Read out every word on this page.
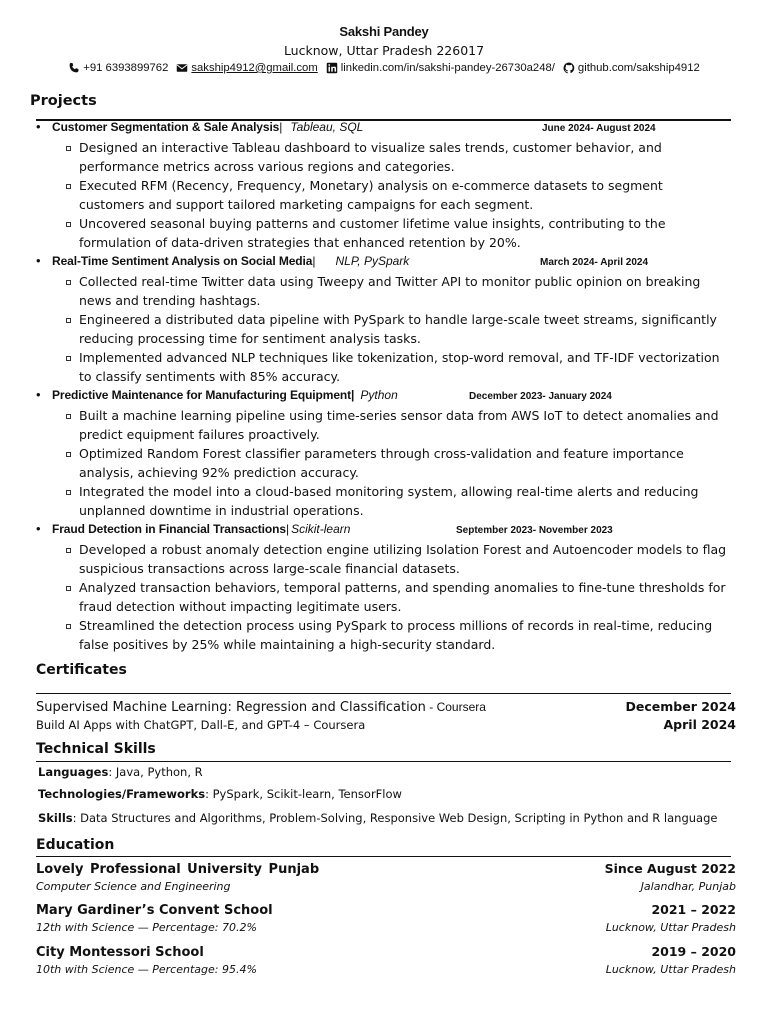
Sakshi Pandey
Lucknow, Uttar Pradesh 226017
+91 6393899762 sakship4912@gmail.com linkedin.com/in/sakshi-pandey-26730a248/ github.com/sakship4912
Projects
• Customer Segmentation & Sale Analysis | Tableau, SQL	June 2024- August 2024
Designed an interactive Tableau dashboard to visualize sales trends, customer behavior, and performance metrics across various regions and categories.
Executed RFM (Recency, Frequency, Monetary) analysis on e-commerce datasets to segment customers and support tailored marketing campaigns for each segment.
Uncovered seasonal buying patterns and customer lifetime value insights, contributing to the formulation of data-driven strategies that enhanced retention by 20%.
• Real-Time Sentiment Analysis on Social Media | NLP, PySpark	March 2024- April 2024
Collected real-time Twitter data using Tweepy and Twitter API to monitor public opinion on breaking news and trending hashtags.
Engineered a distributed data pipeline with PySpark to handle large-scale tweet streams, significantly reducing processing time for sentiment analysis tasks.
Implemented advanced NLP techniques like tokenization, stop-word removal, and TF-IDF vectorization to classify sentiments with 85% accuracy.
• Predictive Maintenance for Manufacturing Equipment | Python	December 2023- January 2024
Built a machine learning pipeline using time-series sensor data from AWS IoT to detect anomalies and predict equipment failures proactively.
Optimized Random Forest classifier parameters through cross-validation and feature importance analysis, achieving 92% prediction accuracy.
Integrated the model into a cloud-based monitoring system, allowing real-time alerts and reducing unplanned downtime in industrial operations.
• Fraud Detection in Financial Transactions | Scikit-learn	September 2023- November 2023
Developed a robust anomaly detection engine utilizing Isolation Forest and Autoencoder models to flag suspicious transactions across large-scale financial datasets.
Analyzed transaction behaviors, temporal patterns, and spending anomalies to fine-tune thresholds for fraud detection without impacting legitimate users.
Streamlined the detection process using PySpark to process millions of records in real-time, reducing false positives by 25% while maintaining a high-security standard.
Certificates
Supervised Machine Learning: Regression and Classification - Coursera	December 2024
Build AI Apps with ChatGPT, Dall-E, and GPT-4 – Coursera	April 2024
Technical Skills
Languages: Java, Python, R
Technologies/Frameworks: PySpark, Scikit-learn, TensorFlow
Skills: Data Structures and Algorithms, Problem-Solving, Responsive Web Design, Scripting in Python and R language
Education
Lovely Professional University Punjab	Since August 2022
Computer Science and Engineering	Jalandhar, Punjab
Mary Gardiner’s Convent School	2021 – 2022
12th with Science — Percentage: 70.2%	Lucknow, Uttar Pradesh
City Montessori School	2019 – 2020
10th with Science — Percentage: 95.4%	Lucknow, Uttar Pradesh
